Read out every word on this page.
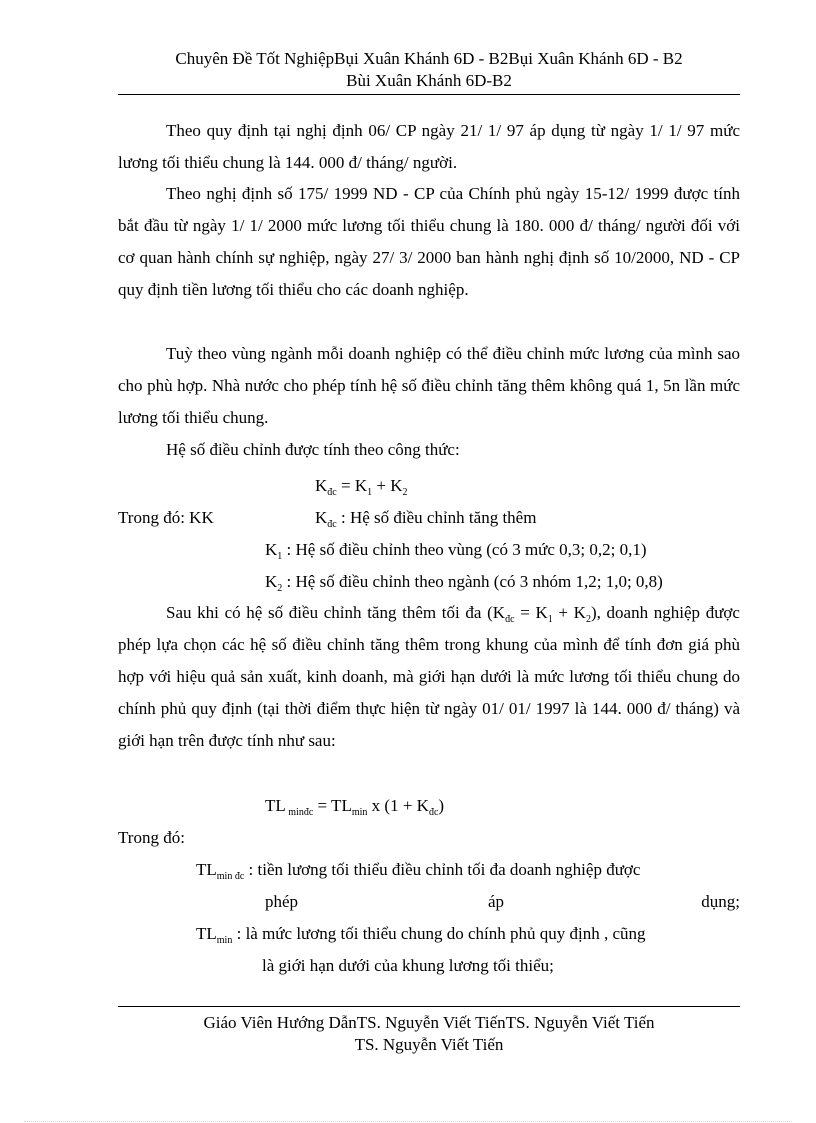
Chuyên Đề Tốt NghiệpBụi Xuân Khánh 6D - B2Bụi Xuân Khánh 6D - B2
Bùi Xuân Khánh 6D-B2

Theo quy định tại nghị định 06/ CP ngày 21/ 1/ 97 áp dụng từ ngày 1/ 1/ 97 mức lương tối thiểu chung là 144. 000 đ/ tháng/ người.

Theo nghị định số 175/ 1999 ND - CP của Chính phủ ngày 15-12/ 1999 được tính bắt đầu từ ngày 1/ 1/ 2000 mức lương tối thiểu chung là 180. 000 đ/ tháng/ người đối với cơ quan hành chính sự nghiệp, ngày 27/ 3/ 2000 ban hành nghị định số 10/2000, ND - CP quy định tiền lương tối thiểu cho các doanh nghiệp.

Tuỳ theo vùng ngành mỗi doanh nghiệp có thể điều chỉnh mức lương của mình sao cho phù hợp. Nhà nước cho phép tính hệ số điều chỉnh tăng thêm không quá 1, 5n lần mức lương tối thiểu chung.

Hệ số điều chỉnh được tính theo công thức:

$K_{đc} = K_1 + K_2$
Trong đó: KK	$K_{đc}$ : Hệ số điều chỉnh tăng thêm
$K_1$ : Hệ số điều chỉnh theo vùng (có 3 mức 0,3; 0,2; 0,1)
$K_2$ : Hệ số điều chỉnh theo ngành (có 3 nhóm 1,2; 1,0; 0,8)

Sau khi có hệ số điều chỉnh tăng thêm tối đa $(K_{đc} = K_1 + K_2)$, doanh nghiệp được phép lựa chọn các hệ số điều chỉnh tăng thêm trong khung của mình để tính đơn giá phù hợp với hiệu quả sản xuất, kinh doanh, mà giới hạn dưới là mức lương tối thiểu chung do chính phủ quy định (tại thời điểm thực hiện từ ngày 01/ 01/ 1997 là 144. 000 đ/ tháng) và giới hạn trên được tính như sau:

TL $_{minđc} = TL_{min}$ x $(1 + K_{đc})$
Trong đó:
$TL_{min đc}$ : tiền lương tối thiểu điều chỉnh tối đa doanh nghiệp được
phép	áp	dụng;
$TL_{min}$ : là mức lương tối thiểu chung do chính phủ quy định , cũng
là giới hạn dưới của khung lương tối thiểu;
Giáo Viên Hướng DẫnTS. Nguyễn Viết TiếnTS. Nguyễn Viết Tiến
TS. Nguyễn Viết Tiến
